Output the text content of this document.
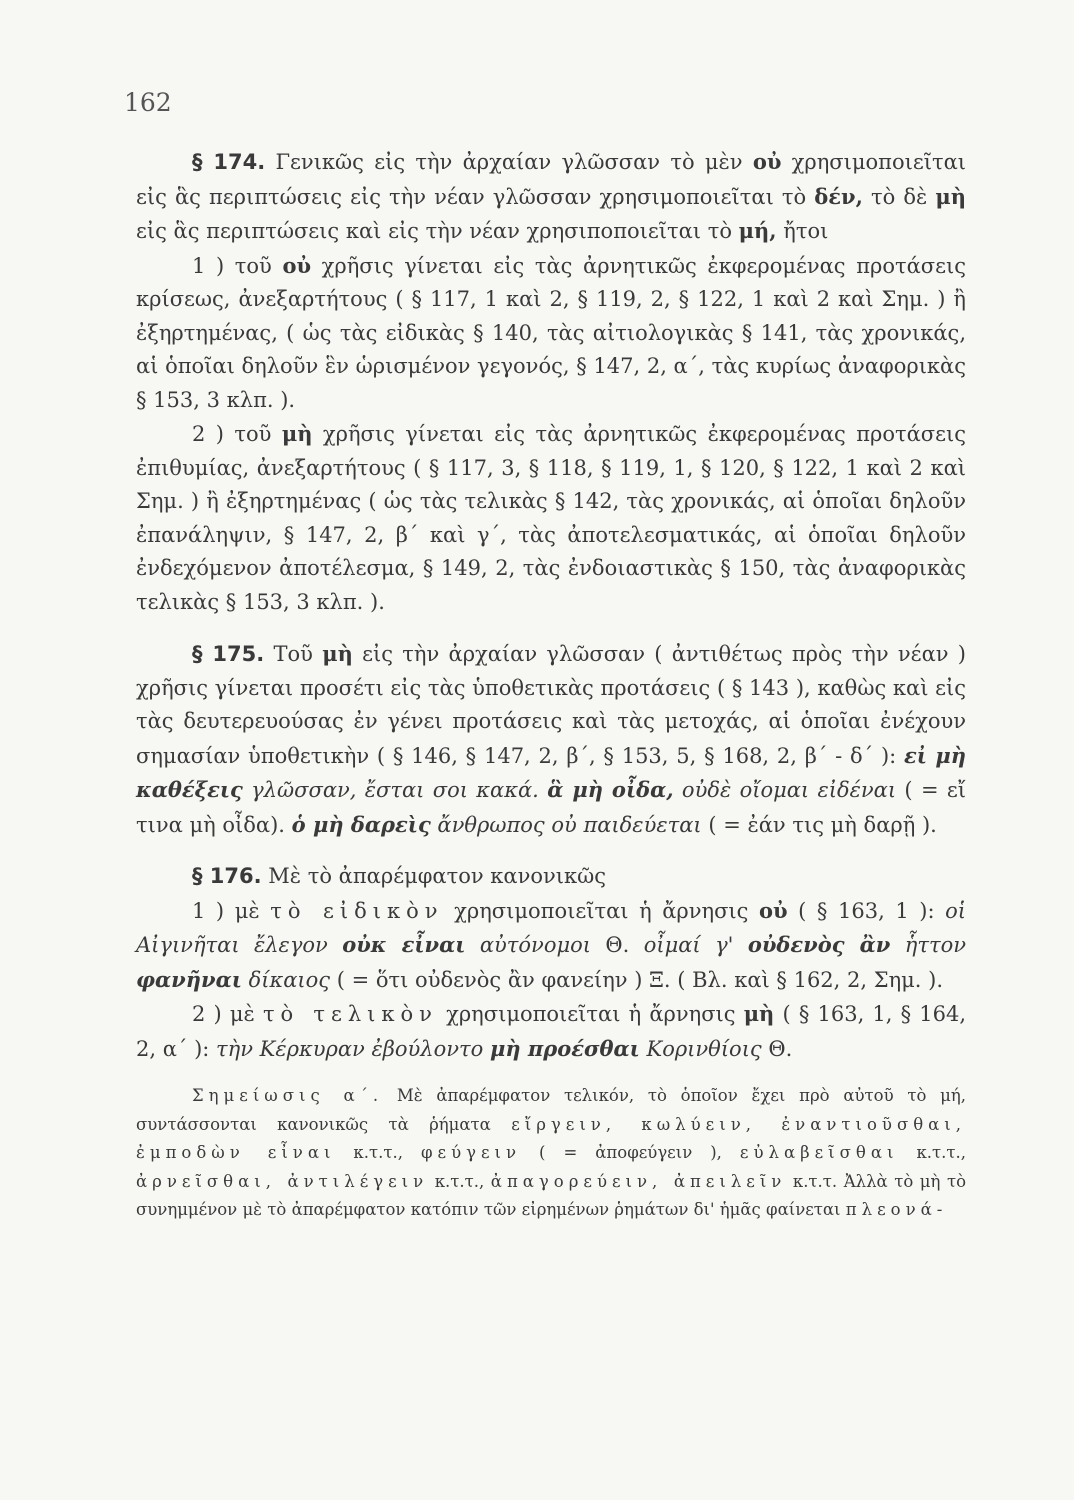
162

§ 174. Γενικῶς εἰς τὴν ἀρχαίαν γλῶσσαν τὸ μὲν οὐ χρησιμοποιεῖται εἰς ἃς περιπτώσεις εἰς τὴν νέαν γλῶσσαν χρησιμοποιεῖται τὸ δέν, τὸ δὲ μὴ εἰς ἃς περιπτώσεις καὶ εἰς τὴν νέαν χρησιποποιεῖται τὸ μή, ἤτοι

1 ) τοῦ οὐ χρῆσις γίνεται εἰς τὰς ἀρνητικῶς ἐκφερομένας προτάσεις κρίσεως, ἀνεξαρτήτους ( § 117, 1 καὶ 2, § 119, 2, § 122, 1 καὶ 2 καὶ Σημ. ) ἢ ἐξηρτημένας, ( ὡς τὰς εἰδικὰς § 140, τὰς αἰτιολογικὰς § 141, τὰς χρονικάς, αἱ ὁποῖαι δηλοῦν ἓν ὡρισμένον γεγονός, § 147, 2, α΄, τὰς κυρίως ἀναφορικὰς § 153, 3 κλπ. ).

2 ) τοῦ μὴ χρῆσις γίνεται εἰς τὰς ἀρνητικῶς ἐκφερομένας προτάσεις ἐπιθυμίας, ἀνεξαρτήτους ( § 117, 3, § 118, § 119, 1, § 120, § 122, 1 καὶ 2 καὶ Σημ. ) ἢ ἐξηρτημένας ( ὡς τὰς τελικὰς § 142, τὰς χρονικάς, αἱ ὁποῖαι δηλοῦν ἐπανάληψιν, § 147, 2, β΄ καὶ γ΄, τὰς ἀποτελεσματικάς, αἱ ὁποῖαι δηλοῦν ἐνδεχόμενον ἀποτέλεσμα, § 149, 2, τὰς ἐνδοιαστικὰς § 150, τὰς ἀναφορικὰς τελικὰς § 153, 3 κλπ. ).

§ 175. Τοῦ μὴ εἰς τὴν ἀρχαίαν γλῶσσαν ( ἀντιθέτως πρὸς τὴν νέαν ) χρῆσις γίνεται προσέτι εἰς τὰς ὑποθετικὰς προτάσεις ( § 143 ), καθὼς καὶ εἰς τὰς δευτερευούσας ἐν γένει προτάσεις καὶ τὰς μετοχάς, αἱ ὁποῖαι ἐνέχουν σημασίαν ὑποθετικὴν ( § 146, § 147, 2, β΄, § 153, 5, § 168, 2, β΄ - δ΄ ): εἰ μὴ καθέξεις γλῶσσαν, ἔσται σοι κακά. ἃ μὴ οἶδα, οὐδὲ οἴομαι εἰδέναι ( = εἴ τινα μὴ οἶδα). ὁ μὴ δαρεὶς ἄνθρωπος οὐ παιδεύεται ( = ἐάν τις μὴ δαρῇ ).

§ 176. Μὲ τὸ ἀπαρέμφατον κανονικῶς

1 ) μὲ τὸ εἰδικὸν χρησιμοποιεῖται ἡ ἄρνησις οὐ ( § 163, 1 ): οἱ Αἰγινῆται ἔλεγον οὐκ εἶναι αὐτόνομοι Θ. οἶμαί γ' οὐδενὸς ἂν ἧττον φανῆναι δίκαιος ( = ὅτι οὐδενὸς ἂν φανείην ) Ξ. ( Βλ. καὶ § 162, 2, Σημ. ).

2 ) μὲ τὸ τελικὸν χρησιμοποιεῖται ἡ ἄρνησις μὴ ( § 163, 1, § 164, 2, α΄ ): τὴν Κέρκυραν ἐβούλοντο μὴ προέσθαι Κορινθίοις Θ.

Σημείωσις α΄. Μὲ ἀπαρέμφατον τελικόν, τὸ ὁποῖον ἔχει πρὸ αὐτοῦ τὸ μή, συντάσσονται κανονικῶς τὰ ῥήματα εἴργειν, κωλύειν, ἐναντιοῦσθαι, ἐμποδὼν εἶναι κ.τ.τ., φεύγειν ( = ἀποφεύγειν ), εὐλαβεῖσθαι κ.τ.τ., ἀρνεῖσθαι, ἀντιλέγειν κ.τ.τ., ἀπαγορεύειν, ἀπειλεῖν κ.τ.τ. Ἀλλὰ τὸ μὴ τὸ συνημμένον μὲ τὸ ἀπαρέμφατον κατόπιν τῶν εἰρημένων ῥημάτων δι' ἡμᾶς φαίνεται πλεονά-
